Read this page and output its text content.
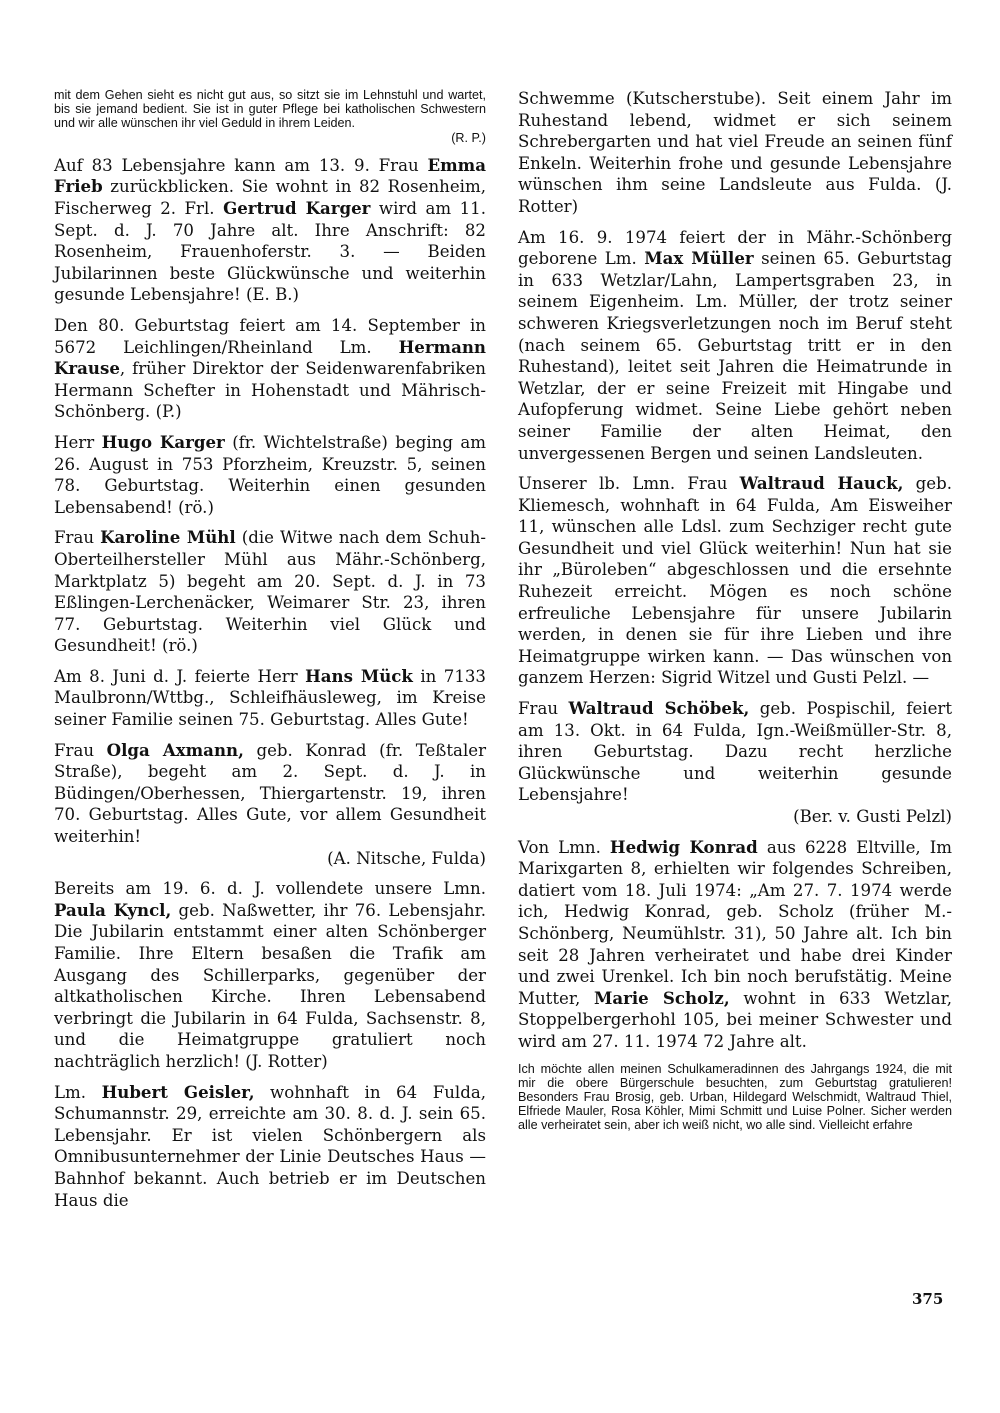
mit dem Gehen sieht es nicht gut aus, so sitzt sie im Lehnstuhl und wartet, bis sie jemand bedient. Sie ist in guter Pflege bei katholischen Schwestern und wir alle wünschen ihr viel Geduld in ihrem Leiden.
(R. P.)

Auf 83 Lebensjahre kann am 13. 9. Frau Emma Frieb zurückblicken. Sie wohnt in 82 Rosenheim, Fischerweg 2. Frl. Gertrud Karger wird am 11. Sept. d. J. 70 Jahre alt. Ihre Anschrift: 82 Rosenheim, Frauenhoferstr. 3. — Beiden Jubilarinnen beste Glückwünsche und weiterhin gesunde Lebensjahre! (E. B.)

Den 80. Geburtstag feiert am 14. September in 5672 Leichlingen/Rheinland Lm. Hermann Krause, früher Direktor der Seidenwarenfabriken Hermann Schefter in Hohenstadt und Mährisch-Schönberg. (P.)

Herr Hugo Karger (fr. Wichtelstraße) beging am 26. August in 753 Pforzheim, Kreuzstr. 5, seinen 78. Geburtstag. Weiterhin einen gesunden Lebensabend! (rö.)

Frau Karoline Mühl (die Witwe nach dem Schuh-Oberteilhersteller Mühl aus Mähr.-Schönberg, Marktplatz 5) begeht am 20. Sept. d. J. in 73 Eßlingen-Lerchenäcker, Weimarer Str. 23, ihren 77. Geburtstag. Weiterhin viel Glück und Gesundheit! (rö.)

Am 8. Juni d. J. feierte Herr Hans Mück in 7133 Maulbronn/Wttbg., Schleifhäusleweg, im Kreise seiner Familie seinen 75. Geburtstag. Alles Gute!

Frau Olga Axmann, geb. Konrad (fr. Teßtaler Straße), begeht am 2. Sept. d. J. in Büdingen/Oberhessen, Thiergartenstr. 19, ihren 70. Geburtstag. Alles Gute, vor allem Gesundheit weiterhin!
(A. Nitsche, Fulda)

Bereits am 19. 6. d. J. vollendete unsere Lmn. Paula Kyncl, geb. Naßwetter, ihr 76. Lebensjahr. Die Jubilarin entstammt einer alten Schönberger Familie. Ihre Eltern besaßen die Trafik am Ausgang des Schillerparks, gegenüber der altkatholischen Kirche. Ihren Lebensabend verbringt die Jubilarin in 64 Fulda, Sachsenstr. 8, und die Heimatgruppe gratuliert noch nachträglich herzlich! (J. Rotter)

Lm. Hubert Geisler, wohnhaft in 64 Fulda, Schumannstr. 29, erreichte am 30. 8. d. J. sein 65. Lebensjahr. Er ist vielen Schönbergern als Omnibusunternehmer der Linie Deutsches Haus — Bahnhof bekannt. Auch betrieb er im Deutschen Haus die

Schwemme (Kutscherstube). Seit einem Jahr im Ruhestand lebend, widmet er sich seinem Schrebergarten und hat viel Freude an seinen fünf Enkeln. Weiterhin frohe und gesunde Lebensjahre wünschen ihm seine Landsleute aus Fulda. (J. Rotter)

Am 16. 9. 1974 feiert der in Mähr.-Schönberg geborene Lm. Max Müller seinen 65. Geburtstag in 633 Wetzlar/Lahn, Lampertsgraben 23, in seinem Eigenheim. Lm. Müller, der trotz seiner schweren Kriegsverletzungen noch im Beruf steht (nach seinem 65. Geburtstag tritt er in den Ruhestand), leitet seit Jahren die Heimatrunde in Wetzlar, der er seine Freizeit mit Hingabe und Aufopferung widmet. Seine Liebe gehört neben seiner Familie der alten Heimat, den unvergessenen Bergen und seinen Landsleuten.

Unserer lb. Lmn. Frau Waltraud Hauck, geb. Kliemesch, wohnhaft in 64 Fulda, Am Eisweiher 11, wünschen alle Ldsl. zum Sechziger recht gute Gesundheit und viel Glück weiterhin! Nun hat sie ihr „Büroleben“ abgeschlossen und die ersehnte Ruhezeit erreicht. Mögen es noch schöne erfreuliche Lebensjahre für unsere Jubilarin werden, in denen sie für ihre Lieben und ihre Heimatgruppe wirken kann. — Das wünschen von ganzem Herzen: Sigrid Witzel und Gusti Pelzl. —

Frau Waltraud Schöbek, geb. Pospischil, feiert am 13. Okt. in 64 Fulda, Ign.-Weißmüller-Str. 8, ihren Geburtstag. Dazu recht herzliche Glückwünsche und weiterhin gesunde Lebensjahre!
(Ber. v. Gusti Pelzl)

Von Lmn. Hedwig Konrad aus 6228 Eltville, Im Marixgarten 8, erhielten wir folgendes Schreiben, datiert vom 18. Juli 1974: „Am 27. 7. 1974 werde ich, Hedwig Konrad, geb. Scholz (früher M.-Schönberg, Neumühlstr. 31), 50 Jahre alt. Ich bin seit 28 Jahren verheiratet und habe drei Kinder und zwei Urenkel. Ich bin noch berufstätig. Meine Mutter, Marie Scholz, wohnt in 633 Wetzlar, Stoppelbergerhohl 105, bei meiner Schwester und wird am 27. 11. 1974 72 Jahre alt.

Ich möchte allen meinen Schulkameradinnen des Jahrgangs 1924, die mit mir die obere Bürgerschule besuchten, zum Geburtstag gratulieren! Besonders Frau Brosig, geb. Urban, Hildegard Welschmidt, Waltraud Thiel, Elfriede Mauler, Rosa Köhler, Mimi Schmitt und Luise Polner. Sicher werden alle verheiratet sein, aber ich weiß nicht, wo alle sind. Vielleicht erfahre

375
